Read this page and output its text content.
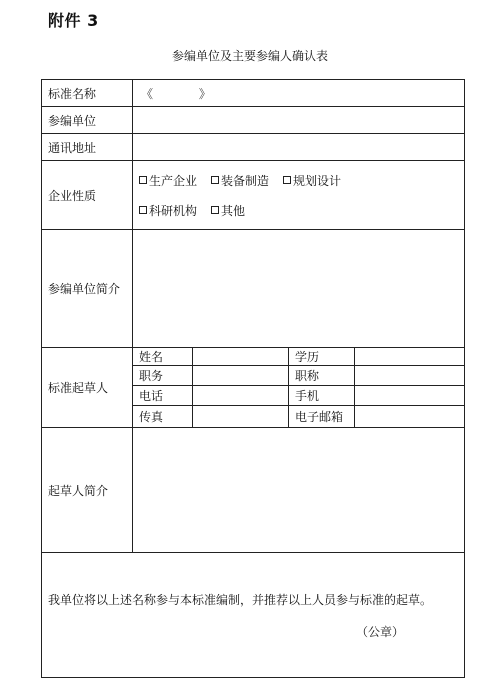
附件 3
参编单位及主要参编人确认表
标准名称	《 》			
参编单位				
通讯地址				
企业性质	生产企业 装备制造 规划设计
科研机构 其他			

参编单位简介				
标准起草人	姓名		学历	
	职务		职称	
	电话		手机	
	传真		电子邮箱	
起草人简介				

我单位将以上述名称参与本标准编制，并推荐以上人员参与标准的起草。
（公章）				
